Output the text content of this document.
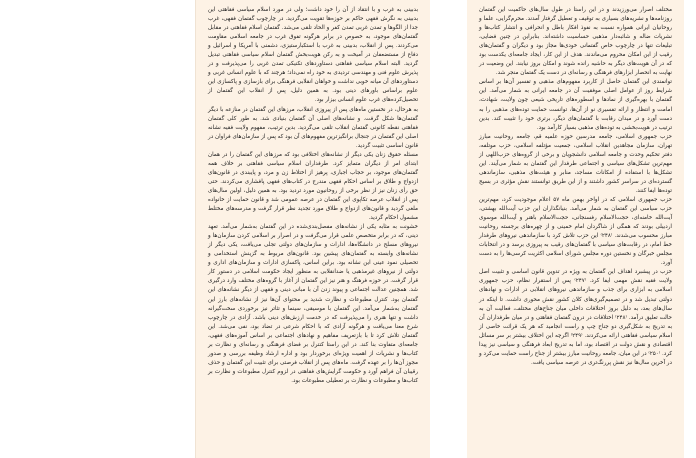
بدبینی به غرب و با انتقاد از آن را خود داشت؛ ولی در مورد اسلام سیاسی فقاهتی این بدبینی به نگرش فقهی حاکم بر حوزه‌ها تقویت می‌گردید. در چارچوب گفتمان فقهی، غرب جدا از الگو‌ها و تمدن غربی تمدن کفر و الحاد تلقی می‌شد. گفتمان اسلام فقاهتی در مقابل گفتمان‌های موجود، به خصوص در برابر هرگونه تفوق غرب در جامعه اسلامی مقاومت می‌کردند. پس از انقلاب، بدبینی به غرب با استکبارستیزی، دشمنی با آمریکا و اسرائیل و دفاع از مستضعفان در آمیخت و به رکن هویت‌بخش گفتمان اسلام سیاسی فقاهتی تبدیل گردید. البته اسلام سیاسی فقاهتی دستاوردهای تکنیکی تمدن غربی را می‌پذیرفت و در پذیرش علوم فنی و مهندسی تردیدی به خود راه نمی‌داد؛ هرچند که با علوم انسانی غربی و دستاوردهای آن میانه خوبی نداشت و خواهان انقلابی فرهنگی برای بازسازی و پاکسازی این علوم براساس باورهای دینی بود. به همین دلیل، پس از انقلاب این گفتمان از تحصیل‌کرده‌های غرب علوم انسانی بیزار بود.

به هرحال، در نخستین ماه‌های پس از پیروزی انقلاب، مرزهای این گفتمان در منازعه با دیگر گفتمان‌ها شکل گرفت. و نشانه‌های اصلی آن گفتمان بنیادی شد. به طور کلی گفتمان فقاهتی نقطه کانونی گفتمان انقلاب تلقی می‌گردید. بدین ترتیب، مفهوم ولایت فقیه نشانه اصلی این گفتمان در جنجال برانگیزترین مفهوم‌های آن بود که پس از سازمان‌های فراوان در قانون اساسی تثبیت گردید.

مسئله حقوق زنان یکی دیگر از نشانه‌های اختلافی بود که مرزهای این گفتمان را در همان ابتدای امر از دیگران متمایز کرد. طرفداران اسلام سیاسی فقاهتی بر خلاف همه گفتمان‌های موجود، بر حجاب اجباری، پرهیز از اختلاط زن و مرد، و پایبندی در قانون‌های ازدواج و طلاق بر اساس احکام فقهی مندرج در کتاب‌های فقهی پافشاری می‌کردند. حتی حق رأی زنان نیز از نظر برخی از روحانیون مورد تردید بود. به همین دلیل، اولین سال‌های پس از انقلاب عرصه تکاپوی این گفتمان در عرصه عمومی شد و قانون حمایت از خانواده ملغی گردید و قانون‌های ازدواج و طلاق مورد تجدید نظر قرار گرفت و مدرسه‌های مختلط مشمول احکام گردید.

خشونت به مثابه یکی از نشانه‌های مفصل‌بندی‌شده در این گفتمان به‌شمار می‌آمد. تعهد دینی، که در برابر متخصص علمی قرار می‌گرفت و در اصرار بر اسلامی کردن سازمان‌ها و نیروهای مسلح در دانشگاه‌ها، ادارات و سازمان‌های دولتی تجلی می‌یافت، یکی دیگر از نشانه‌های وابسته به گفتمان‌های پیشین بود. قانون‌های مربوط به گزینش استخدامی و تحصیلی نمود عینی این نشانه بود. براین اساس، پاکسازی ادارات و سازمان‌های اداری و دولتی از نیروهای غیرمذهبی یا ضدانقلابی به منظور ایجاد حکومت اسلامی در دستور کار قرار گرفت. در حوزه فرهنگ و هنر نیز این گفتمان از آغاز با گروه‌های مختلف وارد درگیری شد. همچنین عدالت اجتماعی و پیوند زدن آن با مبانی دینی و فقهی از دیگر نشانه‌های این گفتمان بود. کنترل مطبوعات و نظارت شدید بر محتوای آن‌ها نیز از نشانه‌های بارز این گفتمان به‌شمار می‌آمد. این گفتمان با موسیقی، سینما و تئاتر نیز برخوردی سخت‌گیرانه داشت و تنها هنری را می‌پذیرفت که در خدمت ارزش‌های دینی باشد. آزادی در چارچوب شرع معنا می‌یافت و هرگونه آزادی که با احکام شرعی در تضاد بود، نفی می‌شد. این گفتمان تلاش کرد تا با بازتعریف مفاهیم و نهادهای اجتماعی بر اساس آموزه‌های فقهی، جامعه‌ای متفاوت بنا کند. در این راستا کنترل بر فضای فرهنگی و رسانه‌ای و نظارت بر کتاب‌ها و نشریات از اهمیت ویژه‌ای برخوردار بود و اداره ارشاد وظیفه بررسی و صدور مجوز آن‌ها را بر عهده گرفت. ماه‌های پس از انقلاب فرصتی برای تثبیت این گفتمان و حذف رقیبان آن فراهم آورد و حکومت گرایش‌های فقاهتی در لزوم کنترل مطبوعات و نظارت بر کتاب‌ها و مطبوعات و نظارت بر تعطیلی مطبوعات بود.

مختلف اصرار می‌ورزیدند و در این راستا در طول سال‌های حاکمیت این گفتمان روزنامه‌ها و نشریه‌های بسیاری به توقیف و تعطیل گرفتار آمدند. محرم‌گرایی، علما و روحانیان ایرانی همواره نسبت به نفوذ افکار باطل و انحرافی و انتشار کتاب‌ها و نشریات ضاله و شائبه‌دار مذهبی حساسیت داشته‌اند. بنابراین در چنین فضایی، تبلیغات تنها در چارچوب خاص گفتمانی خودی‌ها مجاز بود و دیگران و گفتمان‌های رقیب از این امکان محروم می‌ماندند. هدف از این کار، ایجاد جامعه‌ای یکدست بود که در آن هویت‌های دیگر به حاشیه رانده شوند و امکان بروز نیابند. این وضعیت در نهایت به انحصار ابزارهای فرهنگی و رسانه‌ای در دست یک گفتمان منجر شد.

توانمندی این گفتمان حاصل از کاربرد مفهوم‌های مذهبی و تفسیر آن‌ها بر اساس شرایط روز از عوامل اصلی موفقیت آن در جامعه ایرانی به شمار می‌آمد. این گفتمان با بهره‌گیری از نمادها و اسطوره‌های تاریخی شیعی چون ولایت، شهادت، امامت و انتظار و ارائه تفسیری نو از آن‌ها، توانست حمایت توده‌های مذهبی را به دست آورد و در میدان رقابت با گفتمان‌های دیگر، برتری خود را تثبیت کند. بدین ترتیب در هویت‌بخشی به توده‌های مذهبی بسیار کارآمد بود.

حزب جمهوری اسلامی، جامعه مدرسین حوزه علمیه قم، جامعه روحانیت مبارز تهران، سازمان مجاهدین انقلاب اسلامی، جمعیت مؤتلفه اسلامی، حزب موتلفه، دفتر تحکیم وحدت و جامعه اسلامی دانشجویان و برخی از گروه‌های حزب‌اللهی از مهم‌ترین تشکل‌های سیاسی و اجتماعی طرفدار این گفتمان به شمار می‌آیند. این تشکل‌ها با استفاده از امکانات مساجد، منابر و هیئت‌های مذهبی، سازماندهی گسترده‌ای در سراسر کشور داشتند و از این طریق توانستند نقش مؤثری در بسیج توده‌ها ایفا کنند.

حزب جمهوری اسلامی که در اواخر بهمن ماه ۵۷ اعلام موجودیت کرد، مهم‌ترین حزب سیاسی این گفتمان به شمار می‌آمد. بنیانگذاران این حزب آیت‌الله بهشتی، آیت‌الله خامنه‌ای، حجت‌الاسلام رفسنجانی، حجت‌الاسلام باهنر و آیت‌الله موسوی اردبیلی بودند که همگی از شاگردان امام خمینی و از چهره‌های برجسته روحانیت مبارز محسوب می‌شدند. ⁽۲۴۸⁾ این حزب تلاش کرد با سازماندهی نیروهای طرفدار خط امام، در رقابت‌های سیاسی با گفتمان‌های رقیب به پیروزی برسد و در انتخابات مجلس خبرگان و نخستین دوره مجلس شورای اسلامی اکثریت کرسی‌ها را به دست آورد.

حزب در پیشبرد اهداف این گفتمان به ویژه در تدوین قانون اساسی و تثبیت اصل ولایت فقیه نقش مهمی ایفا کرد. ⁽۲۴۷⁾ پس از استقرار نظام، حزب جمهوری اسلامی به ابزاری برای جذب و سازماندهی نیروهای انقلابی در ادارات و نهادهای دولتی تبدیل شد و در تصمیم‌گیری‌های کلان کشور نقش محوری داشت. تا اینکه در سال‌های بعد، به دلیل بروز اختلافات داخلی میان جناح‌های مختلف، فعالیت آن به حالت تعلیق درآمد. ⁽۲۴۸⁾ اختلافات در درون گفتمان فقاهتی و در میان طرفداران آن به تدریج به شکل‌گیری دو جناح چپ و راست انجامید که هر یک قرائت خاصی از اسلام سیاسی فقاهتی ارائه می‌کردند. ⁽۲۴۹⁾ اگرچه این اختلاف بیشتر بر سر مسائل اقتصادی و نقش دولت در اقتصاد بود، اما به تدریج ابعاد فرهنگی و سیاسی نیز پیدا کرد. ⁽۲۵۰⁾ در این میان، جامعه روحانیت مبارز بیشتر از جناح راست حمایت می‌کرد و در آخرین سال‌ها نیز نقش پررنگ‌تری در عرصه سیاسی یافت.
